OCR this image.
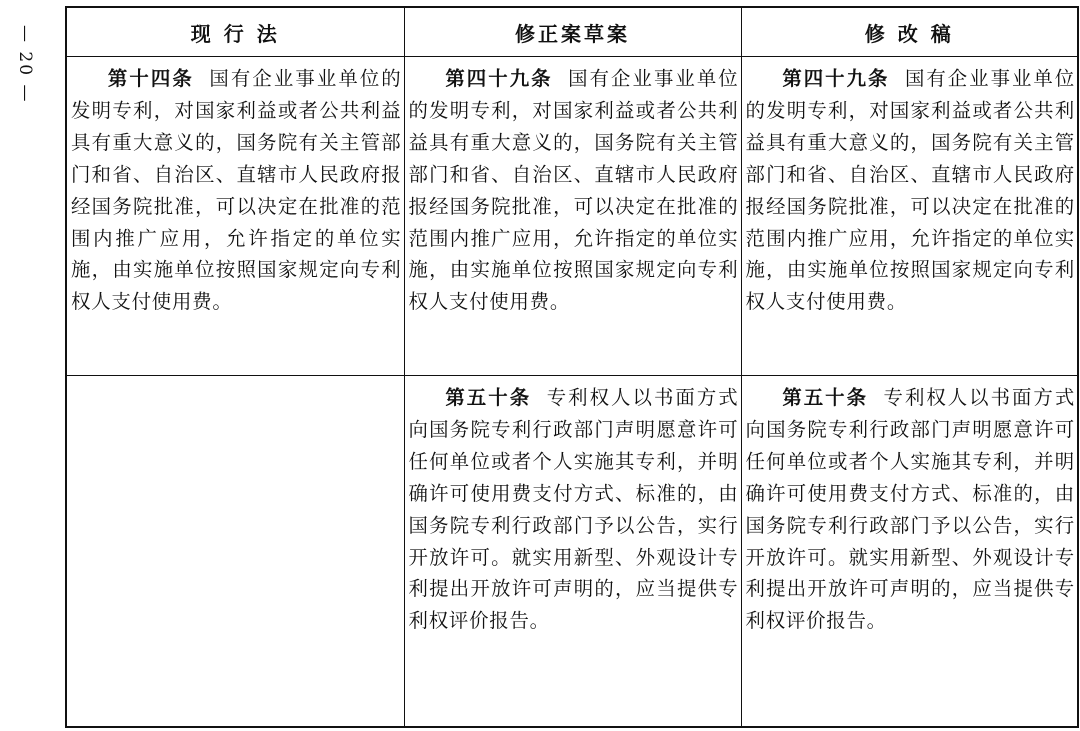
— 20 —	现 行 法	修正案草案	修 改 稿
第十四条 国有企业事业单位的发明专利，对国家利益或者公共利益具有重大意义的，国务院有关主管部门和省、自治区、直辖市人民政府报经国务院批准，可以决定在批准的范围内推广应用，允许指定的单位实施，由实施单位按照国家规定向专利权人支付使用费。	第四十九条 国有企业事业单位的发明专利，对国家利益或者公共利益具有重大意义的，国务院有关主管部门和省、自治区、直辖市人民政府报经国务院批准，可以决定在批准的范围内推广应用，允许指定的单位实施，由实施单位按照国家规定向专利权人支付使用费。	第四十九条 国有企业事业单位的发明专利，对国家利益或者公共利益具有重大意义的，国务院有关主管部门和省、自治区、直辖市人民政府报经国务院批准，可以决定在批准的范围内推广应用，允许指定的单位实施，由实施单位按照国家规定向专利权人支付使用费。
	第五十条 专利权人以书面方式向国务院专利行政部门声明愿意许可任何单位或者个人实施其专利，并明确许可使用费支付方式、标准的，由国务院专利行政部门予以公告，实行开放许可。就实用新型、外观设计专利提出开放许可声明的，应当提供专利权评价报告。	第五十条 专利权人以书面方式向国务院专利行政部门声明愿意许可任何单位或者个人实施其专利，并明确许可使用费支付方式、标准的，由国务院专利行政部门予以公告，实行开放许可。就实用新型、外观设计专利提出开放许可声明的，应当提供专利权评价报告。
